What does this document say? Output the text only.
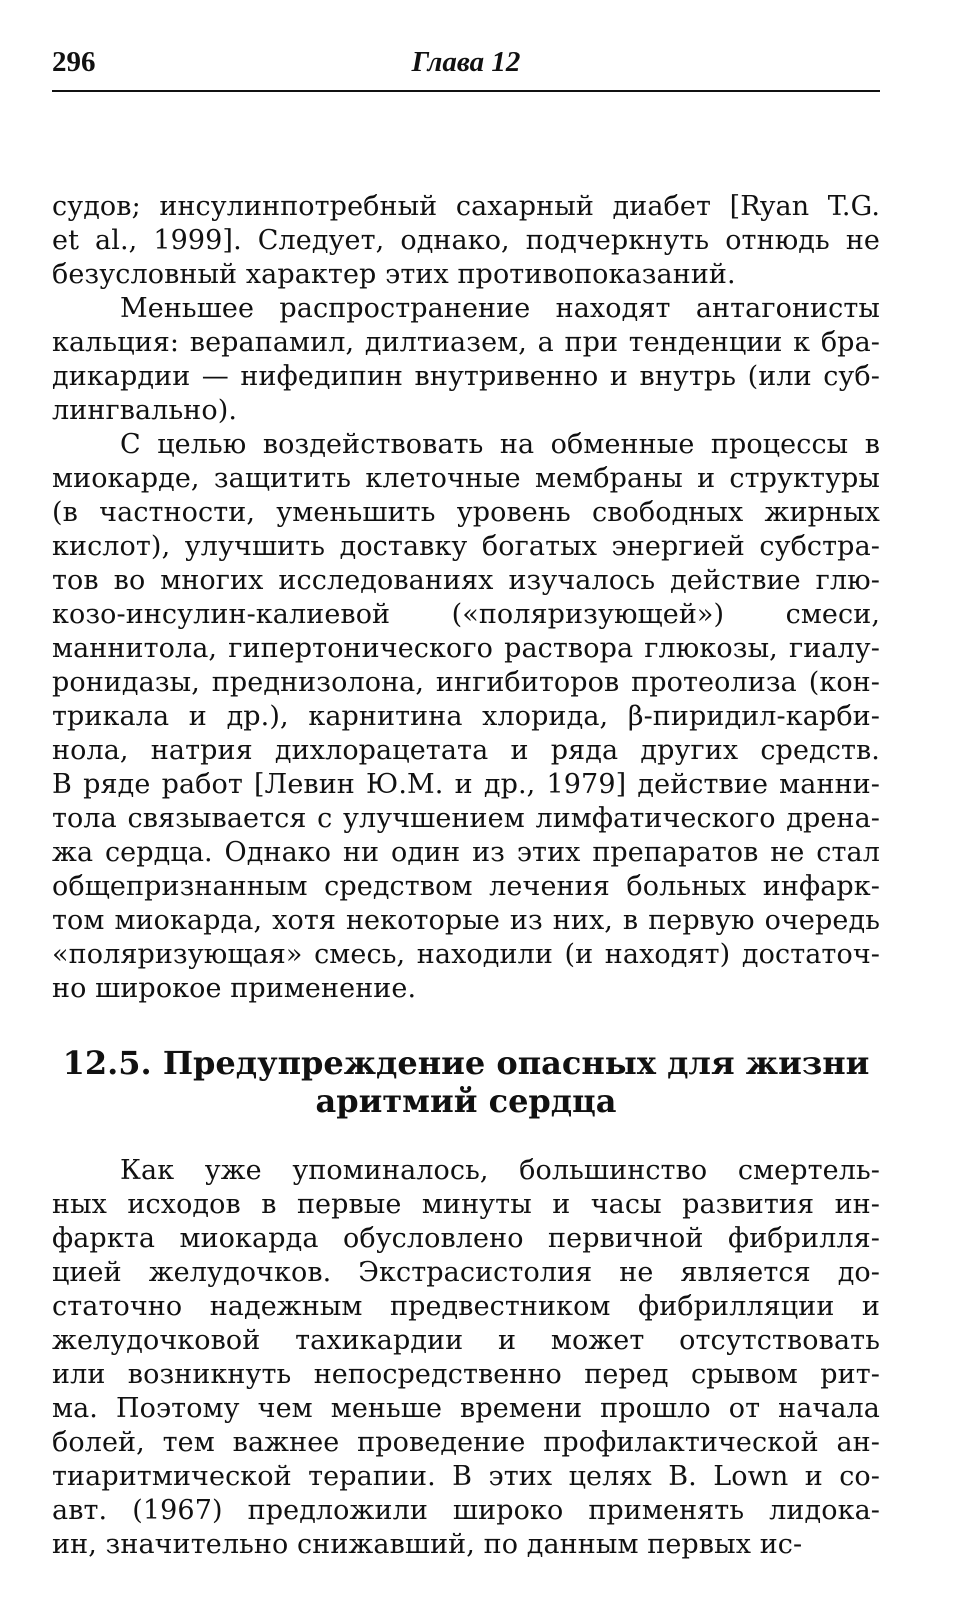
296	Глава 12
судов; инсулинпотребный сахарный диабет [Ryan T.G.
et al., 1999]. Следует, однако, подчеркнуть отнюдь не
безусловный характер этих противопоказаний.
Меньшее распространение находят антагонисты
кальция: верапамил, дилтиазем, а при тенденции к бра-
дикардии — нифедипин внутривенно и внутрь (или суб-
лингвально).
С целью воздействовать на обменные процессы в
миокарде, защитить клеточные мембраны и структуры
(в частности, уменьшить уровень свободных жирных
кислот), улучшить доставку богатых энергией субстра-
тов во многих исследованиях изучалось действие глю-
козо-инсулин-калиевой («поляризующей») смеси,
маннитола, гипертонического раствора глюкозы, гиалу-
ронидазы, преднизолона, ингибиторов протеолиза (кон-
трикала и др.), карнитина хлорида, β-пиридил-карби-
нола, натрия дихлорацетата и ряда других средств.
В ряде работ [Левин Ю.М. и др., 1979] действие манни-
тола связывается с улучшением лимфатического дрена-
жа сердца. Однако ни один из этих препаратов не стал
общепризнанным средством лечения больных инфарк-
том миокарда, хотя некоторые из них, в первую очередь
«поляризующая» смесь, находили (и находят) достаточ-
но широкое применение.
12.5. Предупреждение опасных для жизни
аритмий сердца
Как уже упоминалось, большинство смертель-
ных исходов в первые минуты и часы развития ин-
фаркта миокарда обусловлено первичной фибрилля-
цией желудочков. Экстрасистолия не является до-
статочно надежным предвестником фибрилляции и
желудочковой тахикардии и может отсутствовать
или возникнуть непосредственно перед срывом рит-
ма. Поэтому чем меньше времени прошло от начала
болей, тем важнее проведение профилактической ан-
тиаритмической терапии. В этих целях B. Lown и со-
авт. (1967) предложили широко применять лидока-
ин, значительно снижавший, по данным первых ис-
